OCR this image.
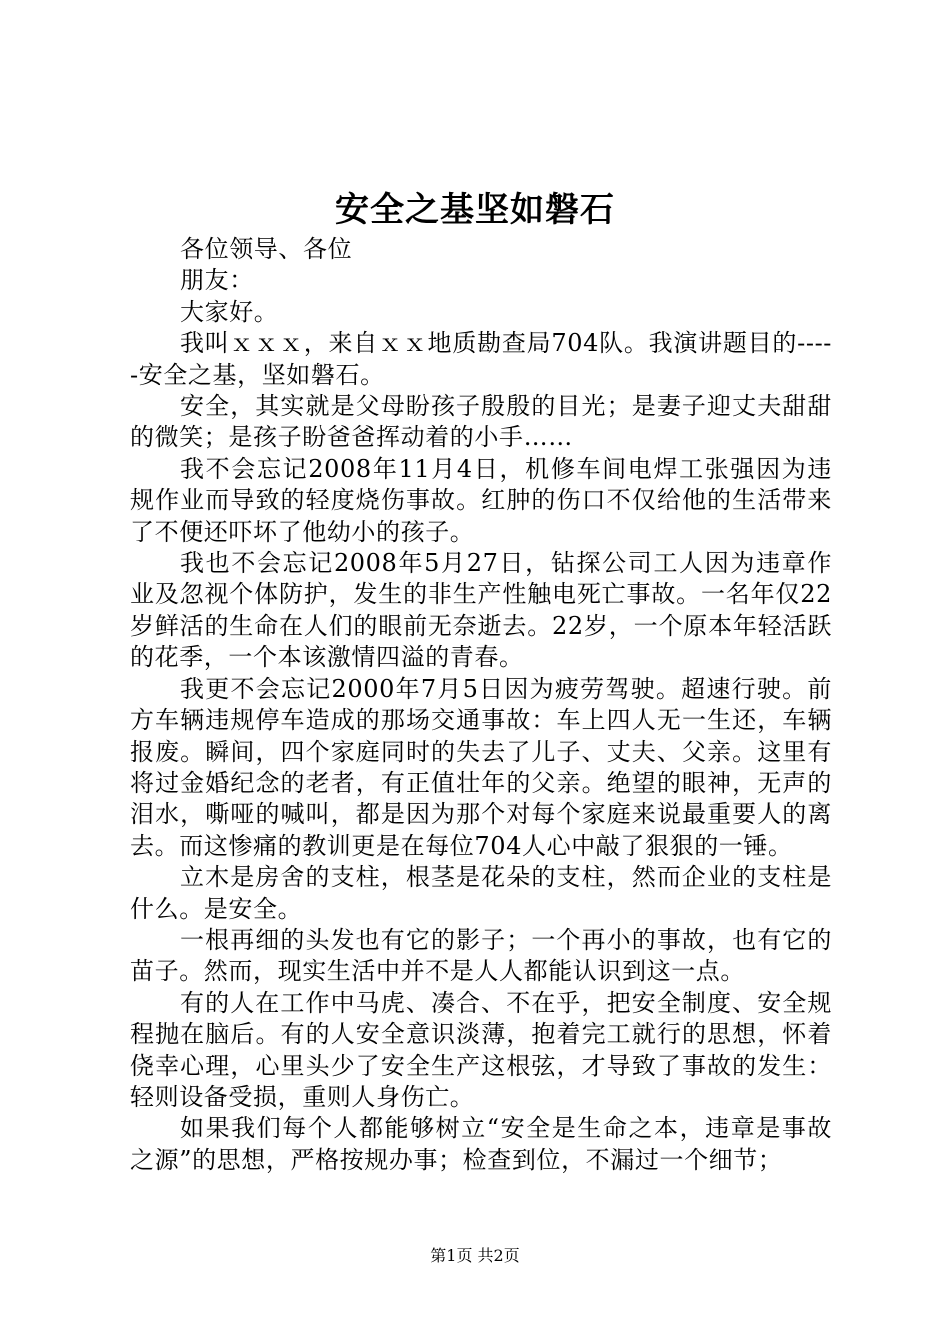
安全之基坚如磐石

各位领导、各位

朋友：

大家好。

我叫ｘｘｘ，来自ｘｘ地质勘查局704队。我演讲题目的-----安全之基，坚如磐石。

安全，其实就是父母盼孩子殷殷的目光；是妻子迎丈夫甜甜的微笑；是孩子盼爸爸挥动着的小手……

我不会忘记2008年11月4日，机修车间电焊工张强因为违规作业而导致的轻度烧伤事故。红肿的伤口不仅给他的生活带来了不便还吓坏了他幼小的孩子。

我也不会忘记2008年5月27日，钻探公司工人因为违章作业及忽视个体防护，发生的非生产性触电死亡事故。一名年仅22岁鲜活的生命在人们的眼前无奈逝去。22岁，一个原本年轻活跃的花季，一个本该激情四溢的青春。

我更不会忘记2000年7月5日因为疲劳驾驶。超速行驶。前方车辆违规停车造成的那场交通事故：车上四人无一生还，车辆报废。瞬间，四个家庭同时的失去了儿子、丈夫、父亲。这里有将过金婚纪念的老者，有正值壮年的父亲。绝望的眼神，无声的泪水，嘶哑的喊叫，都是因为那个对每个家庭来说最重要人的离去。而这惨痛的教训更是在每位704人心中敲了狠狠的一锤。

立木是房舍的支柱，根茎是花朵的支柱，然而企业的支柱是什么。是安全。

一根再细的头发也有它的影子；一个再小的事故，也有它的苗子。然而，现实生活中并不是人人都能认识到这一点。

有的人在工作中马虎、凑合、不在乎，把安全制度、安全规程抛在脑后。有的人安全意识淡薄，抱着完工就行的思想，怀着侥幸心理，心里头少了安全生产这根弦，才导致了事故的发生：轻则设备受损，重则人身伤亡。

如果我们每个人都能够树立“安全是生命之本，违章是事故之源”的思想，严格按规办事；检查到位，不漏过一个细节；

第1页 共2页
